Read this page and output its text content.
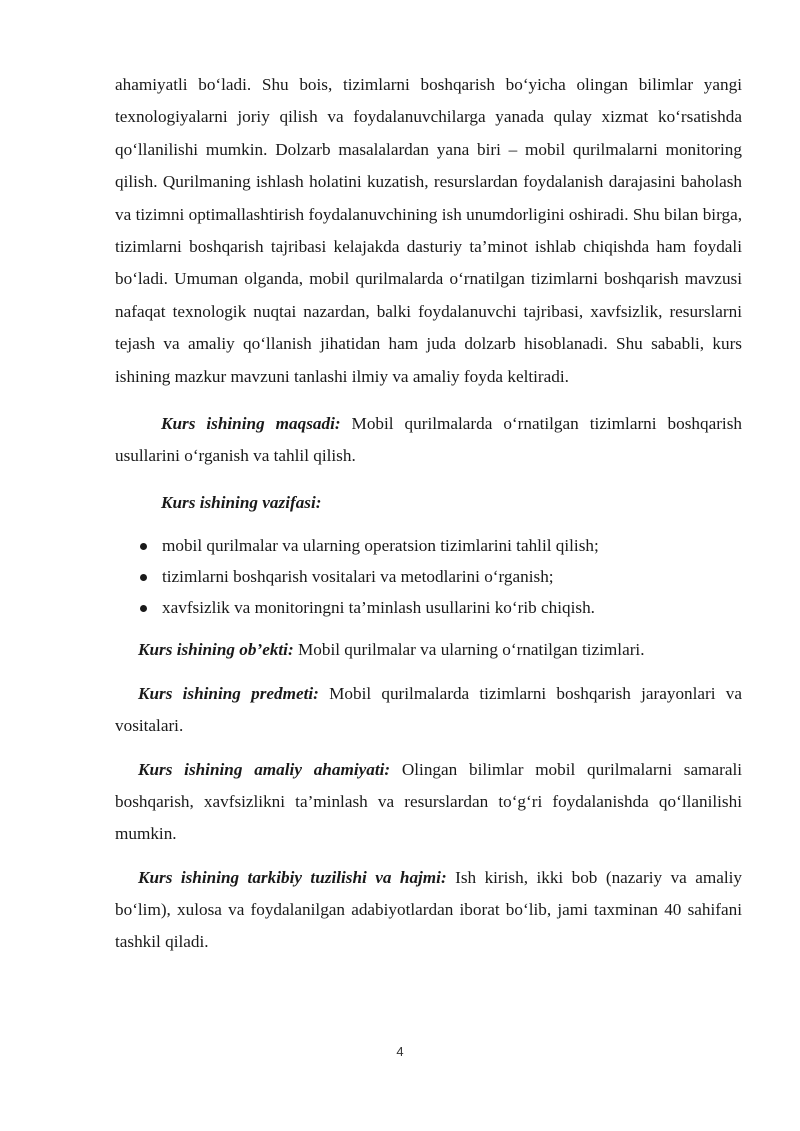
ahamiyatli bo‘ladi. Shu bois, tizimlarni boshqarish bo‘yicha olingan bilimlar yangi texnologiyalarni joriy qilish va foydalanuvchilarga yanada qulay xizmat ko‘rsatishda qo‘llanilishi mumkin. Dolzarb masalalardan yana biri – mobil qurilmalarni monitoring qilish. Qurilmaning ishlash holatini kuzatish, resurslardan foydalanish darajasini baholash va tizimni optimallashtirish foydalanuvchining ish unumdorligini oshiradi. Shu bilan birga, tizimlarni boshqarish tajribasi kelajakda dasturiy ta’minot ishlab chiqishda ham foydali bo‘ladi. Umuman olganda, mobil qurilmalarda o‘rnatilgan tizimlarni boshqarish mavzusi nafaqat texnologik nuqtai nazardan, balki foydalanuvchi tajribasi, xavfsizlik, resurslarni tejash va amaliy qo‘llanish jihatidan ham juda dolzarb hisoblanadi. Shu sababli, kurs ishining mazkur mavzuni tanlashi ilmiy va amaliy foyda keltiradi.

Kurs ishining maqsadi: Mobil qurilmalarda o‘rnatilgan tizimlarni boshqarish usullarini o‘rganish va tahlil qilish.

Kurs ishining vazifasi:

mobil qurilmalar va ularning operatsion tizimlarini tahlil qilish;
tizimlarni boshqarish vositalari va metodlarini o‘rganish;
xavfsizlik va monitoringni ta’minlash usullarini ko‘rib chiqish.

Kurs ishining ob’ekti: Mobil qurilmalar va ularning o‘rnatilgan tizimlari.

Kurs ishining predmeti: Mobil qurilmalarda tizimlarni boshqarish jarayonlari va vositalari.

Kurs ishining amaliy ahamiyati: Olingan bilimlar mobil qurilmalarni samarali boshqarish, xavfsizlikni ta’minlash va resurslardan to‘g‘ri foydalanishda qo‘llanilishi mumkin.

Kurs ishining tarkibiy tuzilishi va hajmi: Ish kirish, ikki bob (nazariy va amaliy bo‘lim), xulosa va foydalanilgan adabiyotlardan iborat bo‘lib, jami taxminan 40 sahifani tashkil qiladi.

4
